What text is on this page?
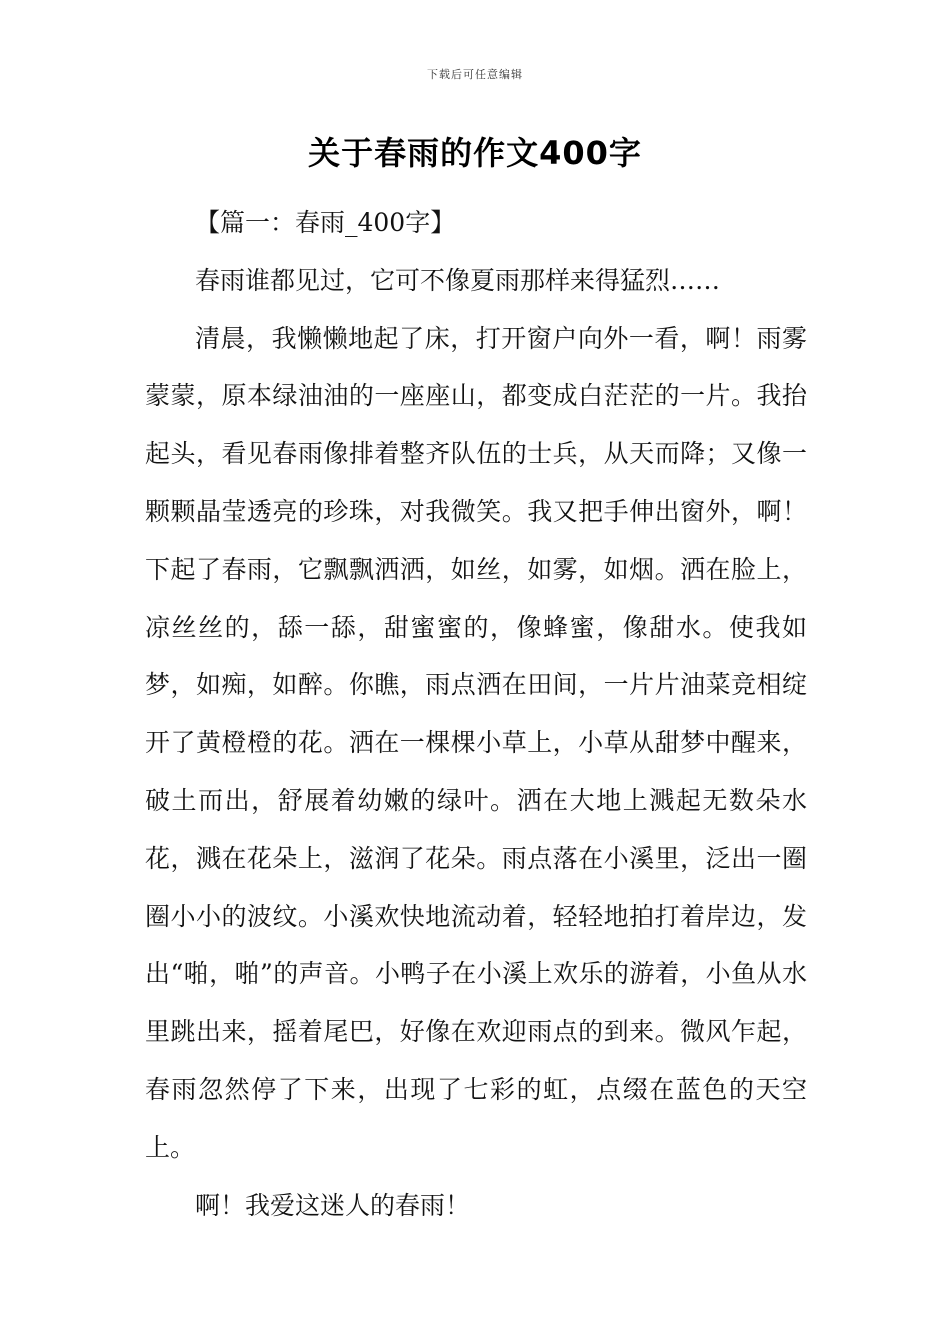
下载后可任意编辑
关于春雨的作文400字

【篇一：春雨_400字】

春雨谁都见过，它可不像夏雨那样来得猛烈……

清晨，我懒懒地起了床，打开窗户向外一看，啊！雨雾蒙蒙，原本绿油油的一座座山，都变成白茫茫的一片。我抬起头，看见春雨像排着整齐队伍的士兵，从天而降；又像一颗颗晶莹透亮的珍珠，对我微笑。我又把手伸出窗外，啊！下起了春雨，它飘飘洒洒，如丝，如雾，如烟。洒在脸上，凉丝丝的，舔一舔，甜蜜蜜的，像蜂蜜，像甜水。使我如梦，如痴，如醉。你瞧，雨点洒在田间，一片片油菜竞相绽开了黄橙橙的花。洒在一棵棵小草上，小草从甜梦中醒来，破土而出，舒展着幼嫩的绿叶。洒在大地上溅起无数朵水花，溅在花朵上，滋润了花朵。雨点落在小溪里，泛出一圈圈小小的波纹。小溪欢快地流动着，轻轻地拍打着岸边，发出“啪，啪”的声音。小鸭子在小溪上欢乐的游着，小鱼从水里跳出来，摇着尾巴，好像在欢迎雨点的到来。微风乍起，春雨忽然停了下来，出现了七彩的虹，点缀在蓝色的天空上。

啊！我爱这迷人的春雨！
